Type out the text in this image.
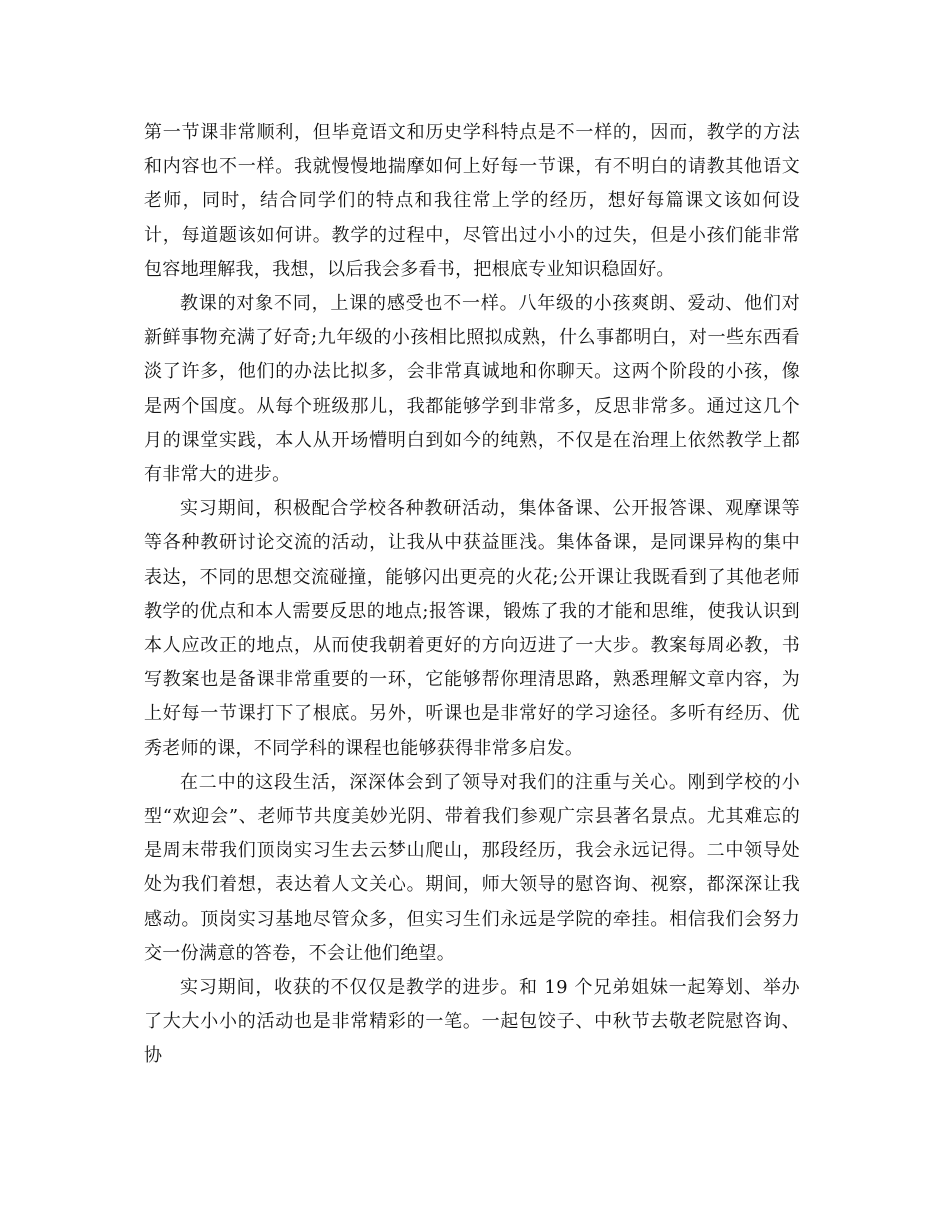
第一节课非常顺利，但毕竟语文和历史学科特点是不一样的，因而，教学的方法和内容也不一样。我就慢慢地揣摩如何上好每一节课，有不明白的请教其他语文老师，同时，结合同学们的特点和我往常上学的经历，想好每篇课文该如何设计，每道题该如何讲。教学的过程中，尽管出过小小的过失，但是小孩们能非常包容地理解我，我想，以后我会多看书，把根底专业知识稳固好。

教课的对象不同，上课的感受也不一样。八年级的小孩爽朗、爱动、他们对新鲜事物充满了好奇;九年级的小孩相比照拟成熟，什么事都明白，对一些东西看淡了许多，他们的办法比拟多，会非常真诚地和你聊天。这两个阶段的小孩，像是两个国度。从每个班级那儿，我都能够学到非常多，反思非常多。通过这几个月的课堂实践，本人从开场懵明白到如今的纯熟，不仅是在治理上依然教学上都有非常大的进步。

实习期间，积极配合学校各种教研活动，集体备课、公开报答课、观摩课等等各种教研讨论交流的活动，让我从中获益匪浅。集体备课，是同课异构的集中表达，不同的思想交流碰撞，能够闪出更亮的火花;公开课让我既看到了其他老师教学的优点和本人需要反思的地点;报答课，锻炼了我的才能和思维，使我认识到本人应改正的地点，从而使我朝着更好的方向迈进了一大步。教案每周必教，书写教案也是备课非常重要的一环，它能够帮你理清思路，熟悉理解文章内容，为上好每一节课打下了根底。另外，听课也是非常好的学习途径。多听有经历、优秀老师的课，不同学科的课程也能够获得非常多启发。

在二中的这段生活，深深体会到了领导对我们的注重与关心。刚到学校的小型“欢迎会”、老师节共度美妙光阴、带着我们参观广宗县著名景点。尤其难忘的是周末带我们顶岗实习生去云梦山爬山，那段经历，我会永远记得。二中领导处处为我们着想，表达着人文关心。期间，师大领导的慰咨询、视察，都深深让我感动。顶岗实习基地尽管众多，但实习生们永远是学院的牵挂。相信我们会努力交一份满意的答卷，不会让他们绝望。

实习期间，收获的不仅仅是教学的进步。和 19 个兄弟姐妹一起筹划、举办了大大小小的活动也是非常精彩的一笔。一起包饺子、中秋节去敬老院慰咨询、协
